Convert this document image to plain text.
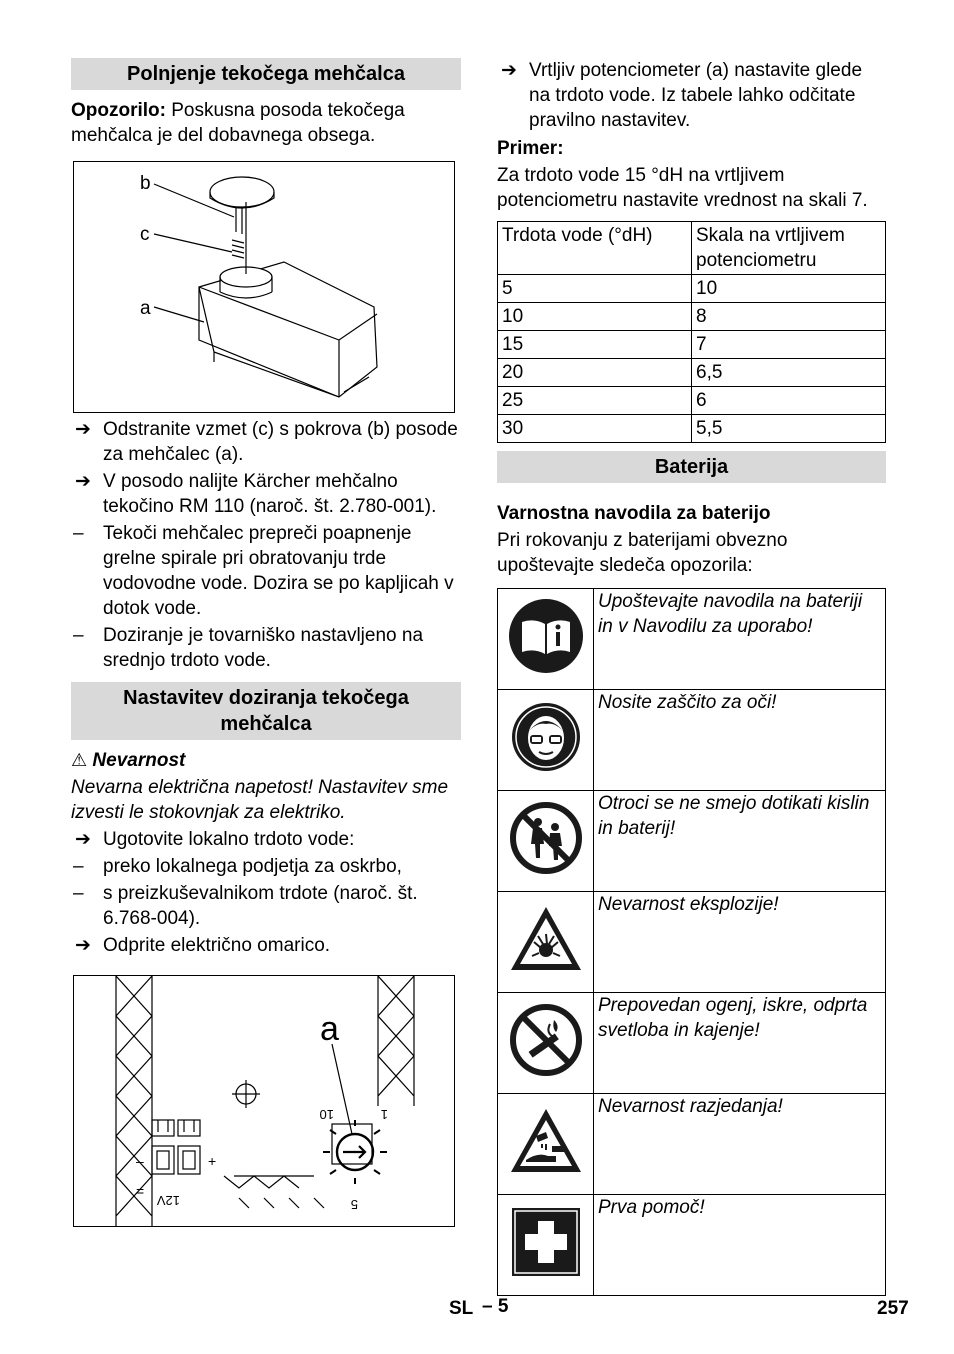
Polnjenje tekočega mehčalca

Opozorilo: Poskusna posoda tekočega mehčalca je del dobavnega obsega.

b
c
a
➔ Odstranite vzmet (c) s pokrova (b) posode za mehčalec (a).
➔ V posodo nalijte Kärcher mehčalno tekočino RM 110 (naroč. št. 2.780-001).
– Tekoči mehčalec prepreči poapnenje grelne spirale pri obratovanju trde vodovodne vode. Dozira se po kapljicah v dotok vode.
– Doziranje je tovarniško nastavljeno na srednjo trdoto vode.
Nastavitev doziranja tekočega mehčalca

⚠ Nevarnost

Nevarna električna napetost! Nastavitev sme izvesti le stokovnjak za elektriko.

➔ Ugotovite lokalno trdoto vode:
– preko lokalnega podjetja za oskrbo,
– s preizkuševalnikom trdote (naroč. št. 6.768-004).
➔ Odprite električno omarico.
a
10	1
5
12V
–	+
=
➔ Vrtljiv potenciometer (a) nastavite glede na trdoto vode. Iz tabele lahko odčitate pravilno nastavitev.

Primer:

Za trdoto vode 15 °dH na vrtljivem potenciometru nastavite vrednost na skali 7.

Trdota vode (°dH)	Skala na vrtljivem potenciometru
5	10
10	8
15	7
20	6,5
25	6
30	5,5
Baterija

Varnostna navodila za baterijo

Pri rokovanju z baterijami obvezno upoštevajte sledeča opozorila:

	Upoštevajte navodila na bateriji in v Navodilu za uporabo!
	Nosite zaščito za oči!
	Otroci se ne smejo dotikati kislin in baterij!
	Nevarnost eksplozije!
	Prepovedan ogenj, iskre, odprta svetloba in kajenje!
	Nevarnost razjedanja!
	Prva pomoč!
SL – 5	257
